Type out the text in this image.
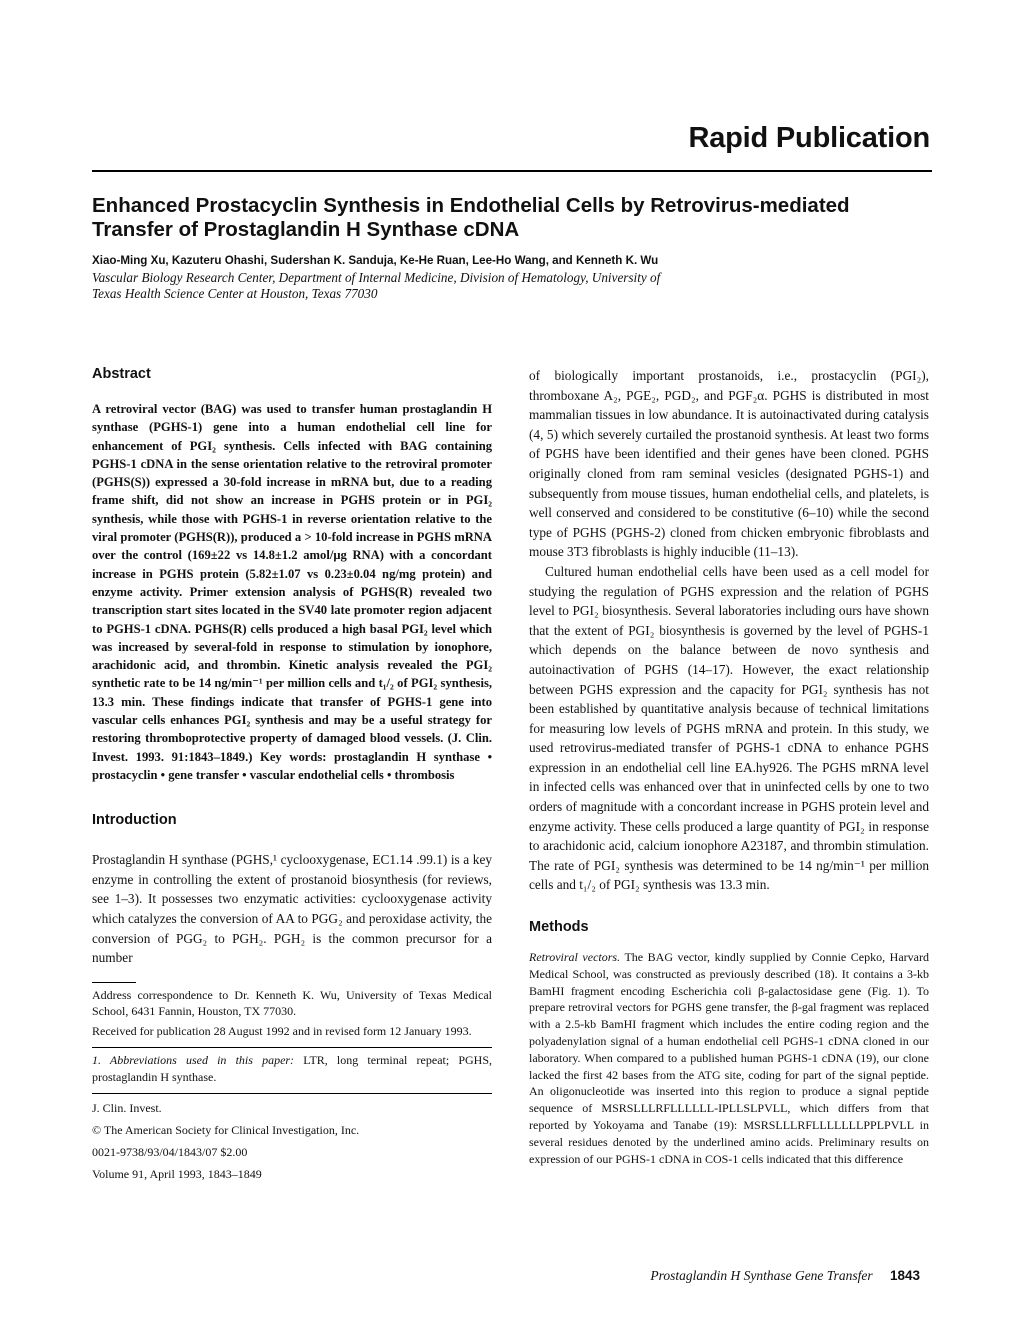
Rapid Publication
Enhanced Prostacyclin Synthesis in Endothelial Cells by Retrovirus-mediated Transfer of Prostaglandin H Synthase cDNA
Xiao-Ming Xu, Kazuteru Ohashi, Sudershan K. Sanduja, Ke-He Ruan, Lee-Ho Wang, and Kenneth K. Wu
Vascular Biology Research Center, Department of Internal Medicine, Division of Hematology, University of Texas Health Science Center at Houston, Texas 77030
Abstract

A retroviral vector (BAG) was used to transfer human prostaglandin H synthase (PGHS-1) gene into a human endothelial cell line for enhancement of PGI₂ synthesis. Cells infected with BAG containing PGHS-1 cDNA in the sense orientation relative to the retroviral promoter (PGHS(S)) expressed a 30-fold increase in mRNA but, due to a reading frame shift, did not show an increase in PGHS protein or in PGI₂ synthesis, while those with PGHS-1 in reverse orientation relative to the viral promoter (PGHS(R)), produced a > 10-fold increase in PGHS mRNA over the control (169±22 vs 14.8±1.2 amol/μg RNA) with a concordant increase in PGHS protein (5.82±1.07 vs 0.23±0.04 ng/mg protein) and enzyme activity. Primer extension analysis of PGHS(R) revealed two transcription start sites located in the SV40 late promoter region adjacent to PGHS-1 cDNA. PGHS(R) cells produced a high basal PGI₂ level which was increased by several-fold in response to stimulation by ionophore, arachidonic acid, and thrombin. Kinetic analysis revealed the PGI₂ synthetic rate to be 14 ng/min⁻¹ per million cells and t₁/₂ of PGI₂ synthesis, 13.3 min. These findings indicate that transfer of PGHS-1 gene into vascular cells enhances PGI₂ synthesis and may be a useful strategy for restoring thromboprotective property of damaged blood vessels. (J. Clin. Invest. 1993. 91:1843–1849.) Key words: prostaglandin H synthase • prostacyclin • gene transfer • vascular endothelial cells • thrombosis

Introduction

Prostaglandin H synthase (PGHS,¹ cyclooxygenase, EC1.14 .99.1) is a key enzyme in controlling the extent of prostanoid biosynthesis (for reviews, see 1–3). It possesses two enzymatic activities: cyclooxygenase activity which catalyzes the conversion of AA to PGG₂ and peroxidase activity, the conversion of PGG₂ to PGH₂. PGH₂ is the common precursor for a number

Address correspondence to Dr. Kenneth K. Wu, University of Texas Medical School, 6431 Fannin, Houston, TX 77030.

Received for publication 28 August 1992 and in revised form 12 January 1993.

1. Abbreviations used in this paper: LTR, long terminal repeat; PGHS, prostaglandin H synthase.

J. Clin. Invest.
© The American Society for Clinical Investigation, Inc.
0021-9738/93/04/1843/07 $2.00
Volume 91, April 1993, 1843–1849

of biologically important prostanoids, i.e., prostacyclin (PGI₂), thromboxane A₂, PGE₂, PGD₂, and PGF₂α. PGHS is distributed in most mammalian tissues in low abundance. It is autoinactivated during catalysis (4, 5) which severely curtailed the prostanoid synthesis. At least two forms of PGHS have been identified and their genes have been cloned. PGHS originally cloned from ram seminal vesicles (designated PGHS-1) and subsequently from mouse tissues, human endothelial cells, and platelets, is well conserved and considered to be constitutive (6–10) while the second type of PGHS (PGHS-2) cloned from chicken embryonic fibroblasts and mouse 3T3 fibroblasts is highly inducible (11–13).

Cultured human endothelial cells have been used as a cell model for studying the regulation of PGHS expression and the relation of PGHS level to PGI₂ biosynthesis. Several laboratories including ours have shown that the extent of PGI₂ biosynthesis is governed by the level of PGHS-1 which depends on the balance between de novo synthesis and autoinactivation of PGHS (14–17). However, the exact relationship between PGHS expression and the capacity for PGI₂ synthesis has not been established by quantitative analysis because of technical limitations for measuring low levels of PGHS mRNA and protein. In this study, we used retrovirus-mediated transfer of PGHS-1 cDNA to enhance PGHS expression in an endothelial cell line EA.hy926. The PGHS mRNA level in infected cells was enhanced over that in uninfected cells by one to two orders of magnitude with a concordant increase in PGHS protein level and enzyme activity. These cells produced a large quantity of PGI₂ in response to arachidonic acid, calcium ionophore A23187, and thrombin stimulation. The rate of PGI₂ synthesis was determined to be 14 ng/min⁻¹ per million cells and t₁/₂ of PGI₂ synthesis was 13.3 min.

Methods

Retroviral vectors. The BAG vector, kindly supplied by Connie Cepko, Harvard Medical School, was constructed as previously described (18). It contains a 3-kb BamHI fragment encoding Escherichia coli β-galactosidase gene (Fig. 1). To prepare retroviral vectors for PGHS gene transfer, the β-gal fragment was replaced with a 2.5-kb BamHI fragment which includes the entire coding region and the polyadenylation signal of a human endothelial cell PGHS-1 cDNA cloned in our laboratory. When compared to a published human PGHS-1 cDNA (19), our clone lacked the first 42 bases from the ATG site, coding for part of the signal peptide. An oligonucleotide was inserted into this region to produce a signal peptide sequence of MSRSLLLRFLLLLLL-IPLLSLPVLL, which differs from that reported by Yokoyama and Tanabe (19): MSRSLLLRFLLLLLLLPPLPVLL in several residues denoted by the underlined amino acids. Preliminary results on expression of our PGHS-1 cDNA in COS-1 cells indicated that this difference

Prostaglandin H Synthase Gene Transfer 1843
